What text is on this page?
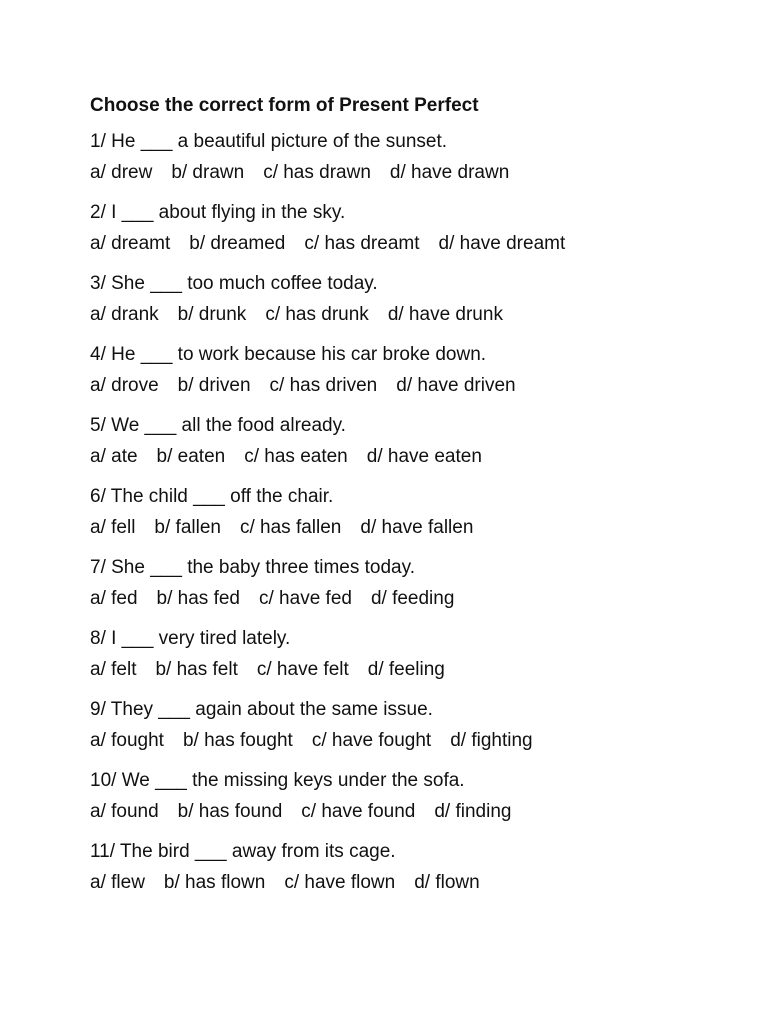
Choose the correct form of Present Perfect
1/ He ___ a beautiful picture of the sunset.
a/ drew b/ drawn c/ has drawn d/ have drawn
2/ I ___ about flying in the sky.
a/ dreamt b/ dreamed c/ has dreamt d/ have dreamt
3/ She ___ too much coffee today.
a/ drank b/ drunk c/ has drunk d/ have drunk
4/ He ___ to work because his car broke down.
a/ drove b/ driven c/ has driven d/ have driven
5/ We ___ all the food already.
a/ ate b/ eaten c/ has eaten d/ have eaten
6/ The child ___ off the chair.
a/ fell b/ fallen c/ has fallen d/ have fallen
7/ She ___ the baby three times today.
a/ fed b/ has fed c/ have fed d/ feeding
8/ I ___ very tired lately.
a/ felt b/ has felt c/ have felt d/ feeling
9/ They ___ again about the same issue.
a/ fought b/ has fought c/ have fought d/ fighting
10/ We ___ the missing keys under the sofa.
a/ found b/ has found c/ have found d/ finding
11/ The bird ___ away from its cage.
a/ flew b/ has flown c/ have flown d/ flown
